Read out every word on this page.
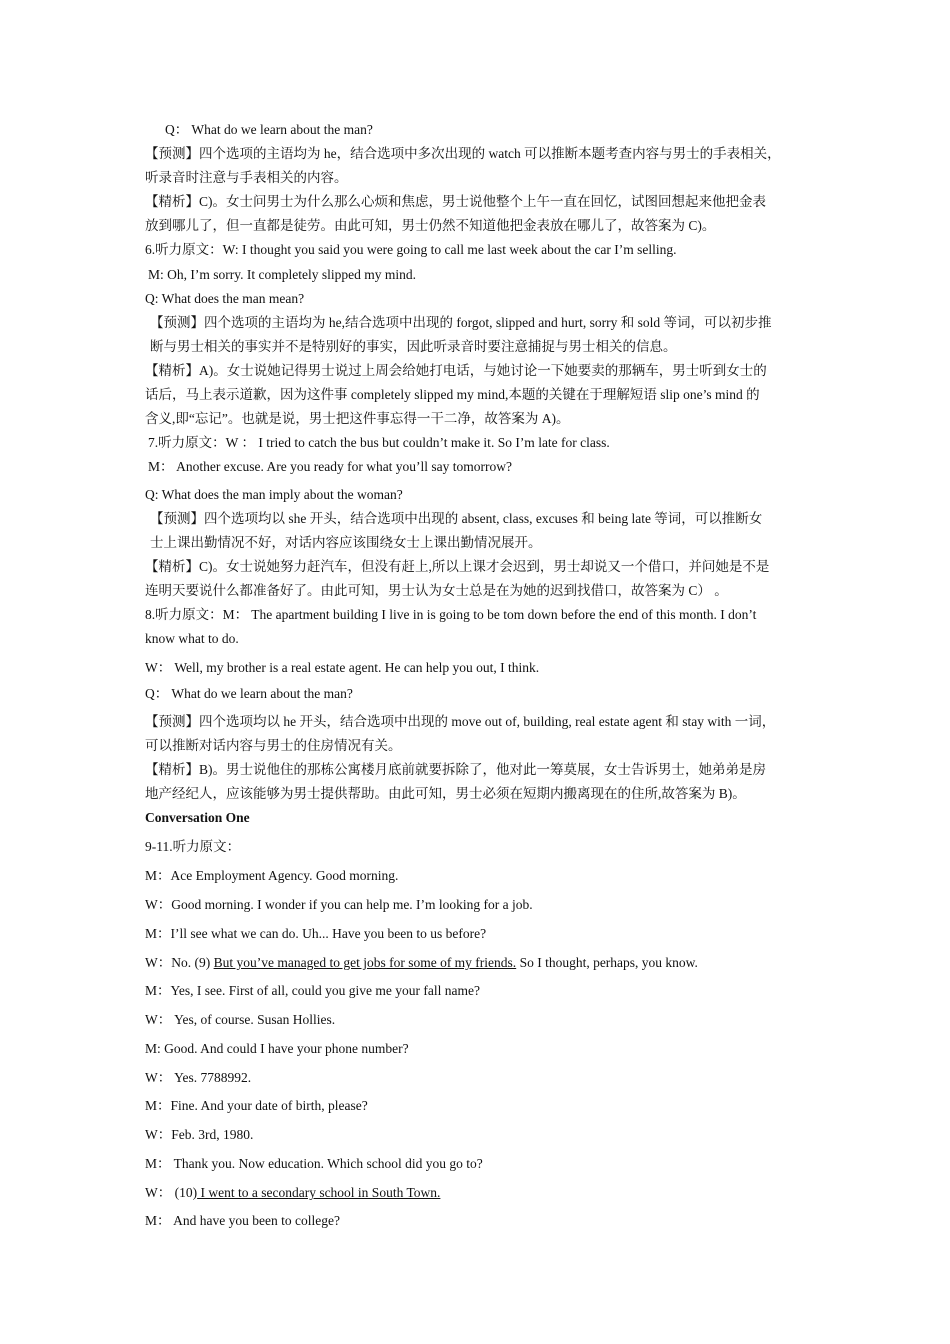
Q： What do we learn about the man?
【预测】四个选项的主语均为 he，结合选项中多次出现的 watch 可以推断本题考查内容与男士的手表相关，
听录音时注意与手表相关的内容。
【精析】C)。女士问男士为什么那么心烦和焦虑，男士说他整个上午一直在回忆，试图回想起来他把金表
放到哪儿了，但一直都是徒劳。由此可知，男士仍然不知道他把金表放在哪儿了，故答案为 C)。
6.听力原文：W: I thought you said you were going to call me last week about the car I’m selling.
M: Oh, I’m sorry. It completely slipped my mind.
Q: What does the man mean?
【预测】四个选项的主语均为 he,结合选项中出现的 forgot, slipped and hurt, sorry 和 sold 等词，可以初步推
断与男士相关的事实并不是特别好的事实，因此听录音时要注意捕捉与男士相关的信息。
【精析】A)。女士说她记得男士说过上周会给她打电话，与她讨论一下她要卖的那辆车，男士听到女士的
话后，马上表示道歉，因为这件事 completely slipped my mind,本题的关键在于理解短语 slip one’s mind 的
含义,即“忘记”。也就是说，男士把这件事忘得一干二净，故答案为 A)。
7.听力原文：W ： I tried to catch the bus but couldn’t make it. So I’m late for class.
M： Another excuse. Are you ready for what you’ll say tomorrow?
Q: What does the man imply about the woman?
【预测】四个选项均以 she 开头，结合选项中出现的 absent, class, excuses 和 being late 等词，可以推断女
士上课出勤情况不好，对话内容应该围绕女士上课出勤情况展开。
【精析】C)。女士说她努力赶汽车，但没有赶上,所以上课才会迟到，男士却说又一个借口，并问她是不是
连明天要说什么都准备好了。由此可知，男士认为女士总是在为她的迟到找借口，故答案为 C） 。
8.听力原文：M： The apartment building I live in is going to be tom down before the end of this month. I don’t
know what to do.
W： Well, my brother is a real estate agent. He can help you out, I think.
Q： What do we learn about the man?
【预测】四个选项均以 he 开头，结合选项中出现的 move out of, building, real estate agent 和 stay with 一词，
可以推断对话内容与男士的住房情况有关。
【精析】B)。男士说他住的那栋公寓楼月底前就要拆除了，他对此一筹莫展，女士告诉男士，她弟弟是房
地产经纪人，应该能够为男士提供帮助。由此可知，男士必须在短期内搬离现在的住所,故答案为 B)。
Conversation One
9-11.听力原文：
M：Ace Employment Agency. Good morning.
W：Good morning. I wonder if you can help me. I’m looking for a job.
M：I’ll see what we can do. Uh... Have you been to us before?
W：No. (9) But you’ve managed to get jobs for some of my friends. So I thought, perhaps, you know.
M：Yes, I see. First of all, could you give me your fall name?
W： Yes, of course. Susan Hollies.
M: Good. And could I have your phone number?
W： Yes. 7788992.
M：Fine. And your date of birth, please?
W：Feb. 3rd, 1980.
M： Thank you. Now education. Which school did you go to?
W： (10) I went to a secondary school in South Town.
M： And have you been to college?
